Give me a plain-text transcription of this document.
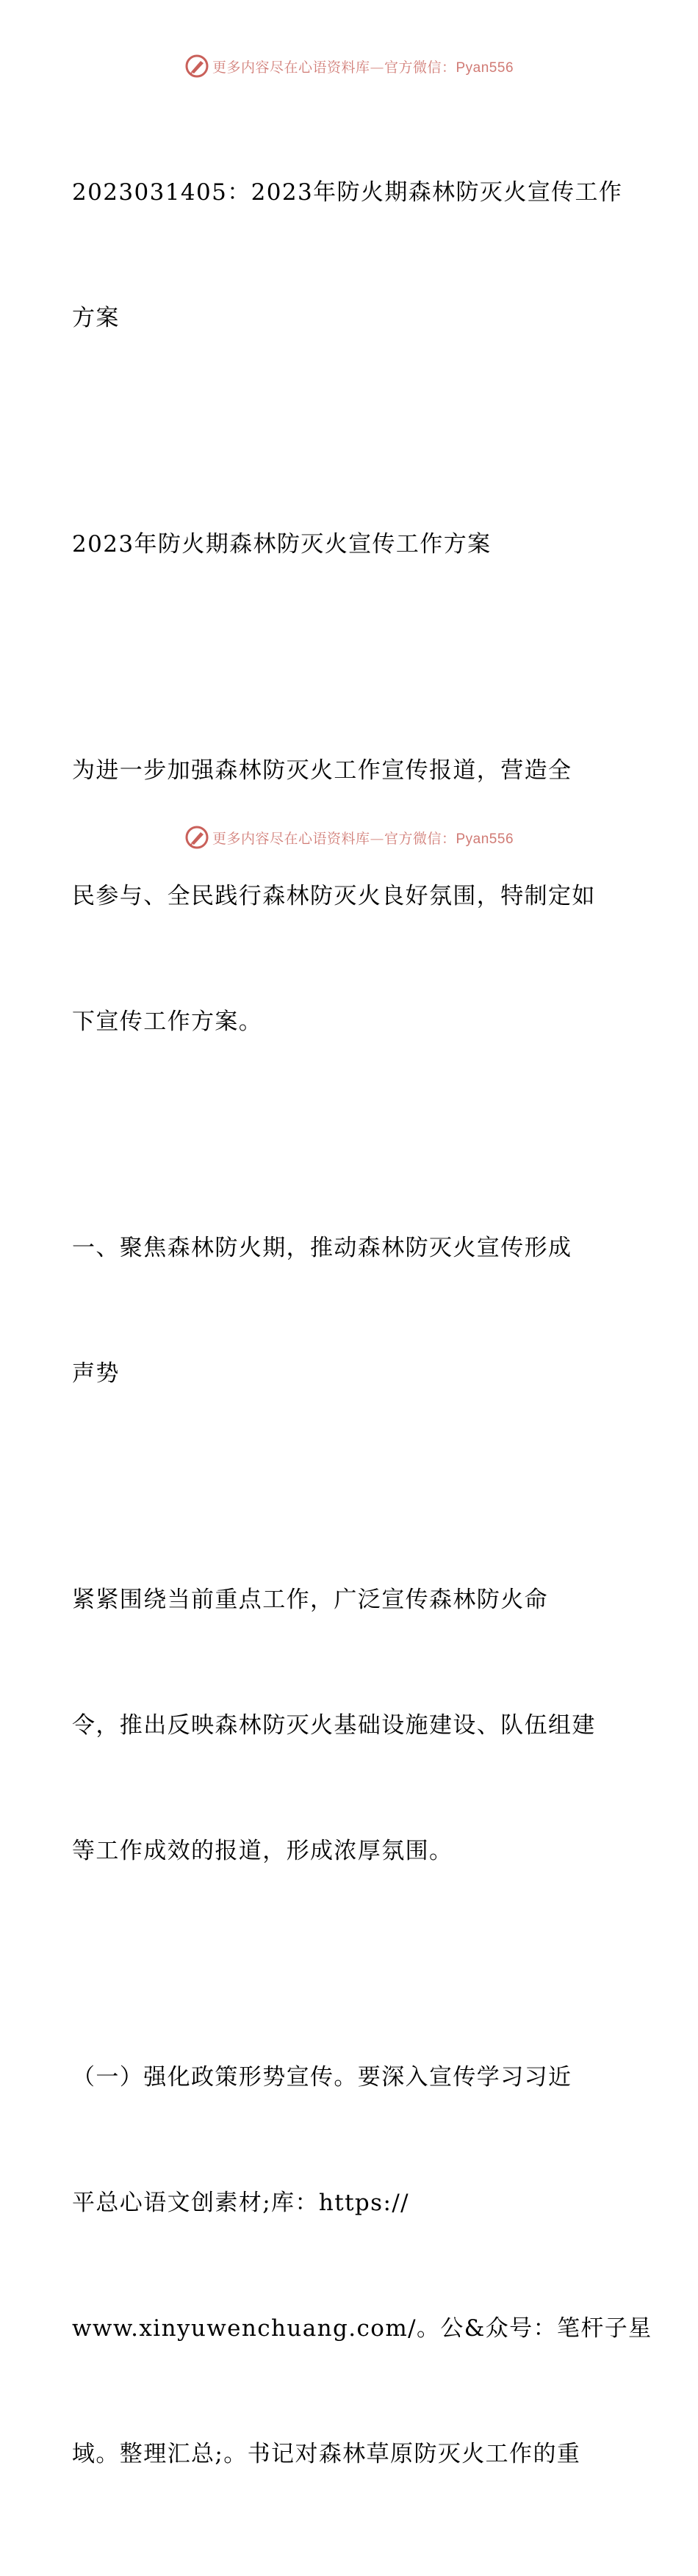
更多内容尽在心语资料库—官方微信：Pyan556

2023031405：2023年防火期森林防灭火宣传工作

方案

2023年防火期森林防灭火宣传工作方案

为进一步加强森林防灭火工作宣传报道，营造全

民参与、全民践行森林防灭火良好氛围，特制定如

下宣传工作方案。

一、聚焦森林防火期，推动森林防灭火宣传形成

声势

紧紧围绕当前重点工作，广泛宣传森林防火命

令，推出反映森林防灭火基础设施建设、队伍组建

等工作成效的报道，形成浓厚氛围。

（一）强化政策形势宣传。要深入宣传学习习近

平总心语文创素材;库：https://

www.xinyuwenchuang.com/。公&众号：笔杆子星

域。整理汇总;。书记对森林草原防灭火工作的重

更多内容尽在心语资料库—官方微信：Pyan556
